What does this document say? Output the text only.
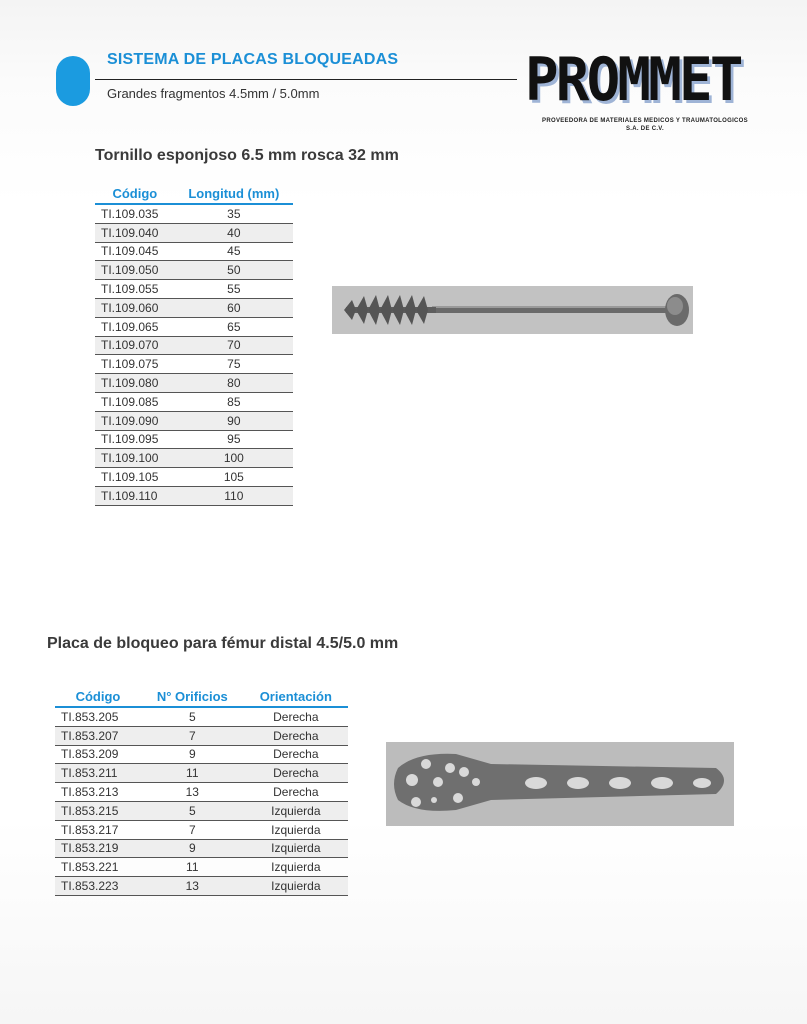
SISTEMA DE PLACAS BLOQUEADAS
Grandes fragmentos 4.5mm / 5.0mm	PROMMET
PROVEEDORA DE MATERIALES MEDICOS Y TRAUMATOLOGICOS
S.A. DE C.V.
Tornillo esponjoso 6.5 mm rosca 32 mm
Código	Longitud (mm)
TI.109.035	35
TI.109.040	40
TI.109.045	45
TI.109.050	50
TI.109.055	55
TI.109.060	60
TI.109.065	65
TI.109.070	70
TI.109.075	75
TI.109.080	80
TI.109.085	85
TI.109.090	90
TI.109.095	95
TI.109.100	100
TI.109.105	105
TI.109.110	110
Placa de bloqueo para fémur distal 4.5/5.0 mm
Código	N° Orificios	Orientación
TI.853.205	5	Derecha
TI.853.207	7	Derecha
TI.853.209	9	Derecha
TI.853.211	11	Derecha
TI.853.213	13	Derecha
TI.853.215	5	Izquierda
TI.853.217	7	Izquierda
TI.853.219	9	Izquierda
TI.853.221	11	Izquierda
TI.853.223	13	Izquierda
